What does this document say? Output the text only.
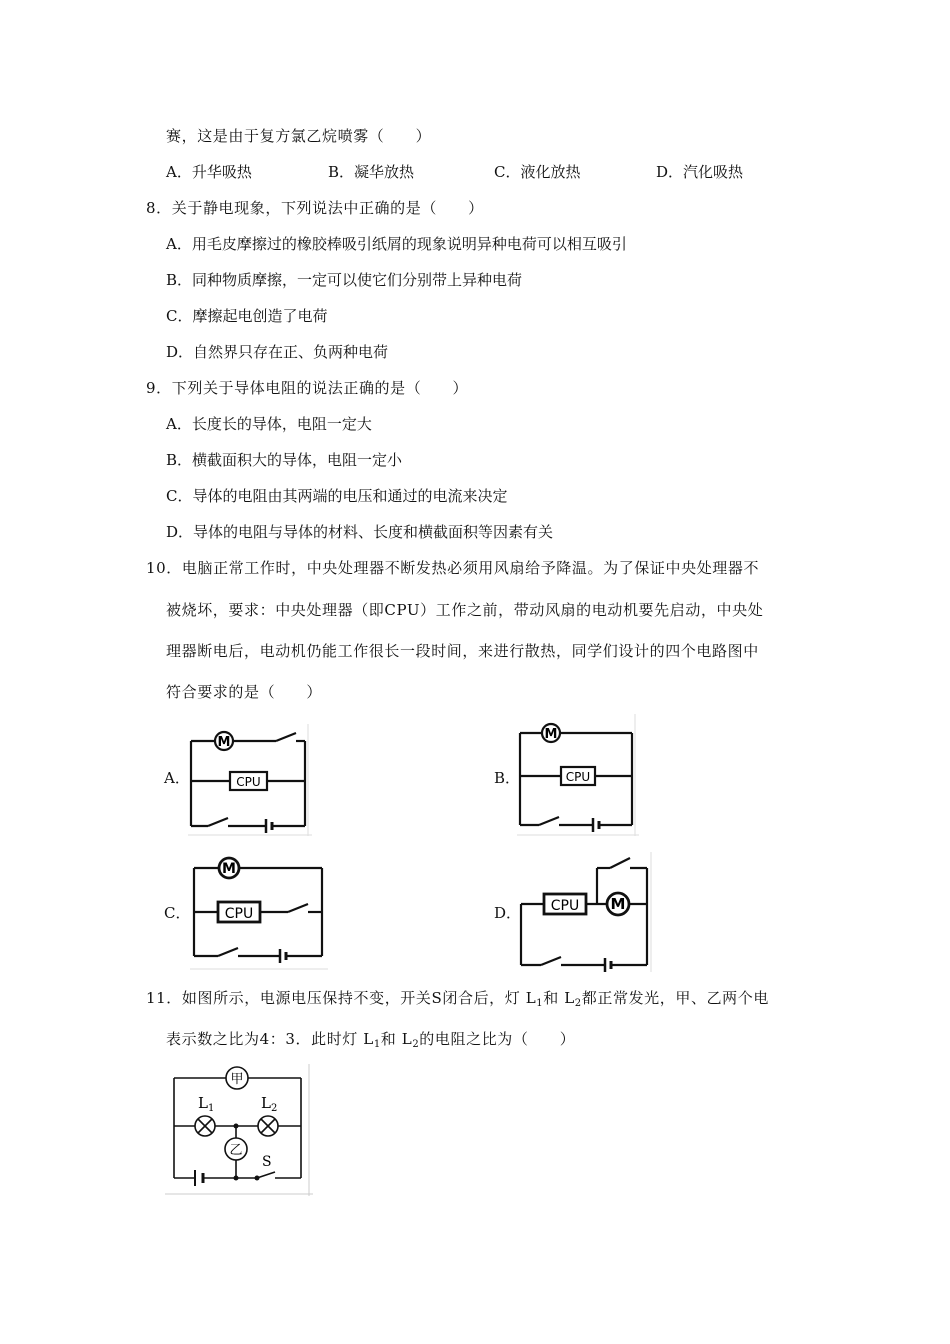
赛，这是由于复方氯乙烷喷雾（　　）
A．升华吸热	B．凝华放热	C．液化放热	D．汽化吸热
8．关于静电现象，下列说法中正确的是（　　）
A．用毛皮摩擦过的橡胶棒吸引纸屑的现象说明异种电荷可以相互吸引
B．同种物质摩擦，一定可以使它们分别带上异种电荷
C．摩擦起电创造了电荷
D．自然界只存在正、负两种电荷
9．下列关于导体电阻的说法正确的是（　　）
A．长度长的导体，电阻一定大
B．横截面积大的导体，电阻一定小
C．导体的电阻由其两端的电压和通过的电流来决定
D．导体的电阻与导体的材料、长度和横截面积等因素有关
10．电脑正常工作时，中央处理器不断发热必须用风扇给予降温。为了保证中央处理器不
被烧坏，要求：中央处理器（即CPU）工作之前，带动风扇的电动机要先启动，中央处
理器断电后，电动机仍能工作很长一段时间，来进行散热，同学们设计的四个电路图中
符合要求的是（　　）
A．
M
CPU	B．
M
CPU
C．
M
CPU	D． CPU M
11．如图所示，电源电压保持不变，开关S闭合后，灯 $L_1$和 $L_2$都正常发光，甲、乙两个电
表示数之比为4：3．此时灯 $L_1$和 $L_2$的电阻之比为（　　）
甲
乙
$L_1$	$L_2$
S
